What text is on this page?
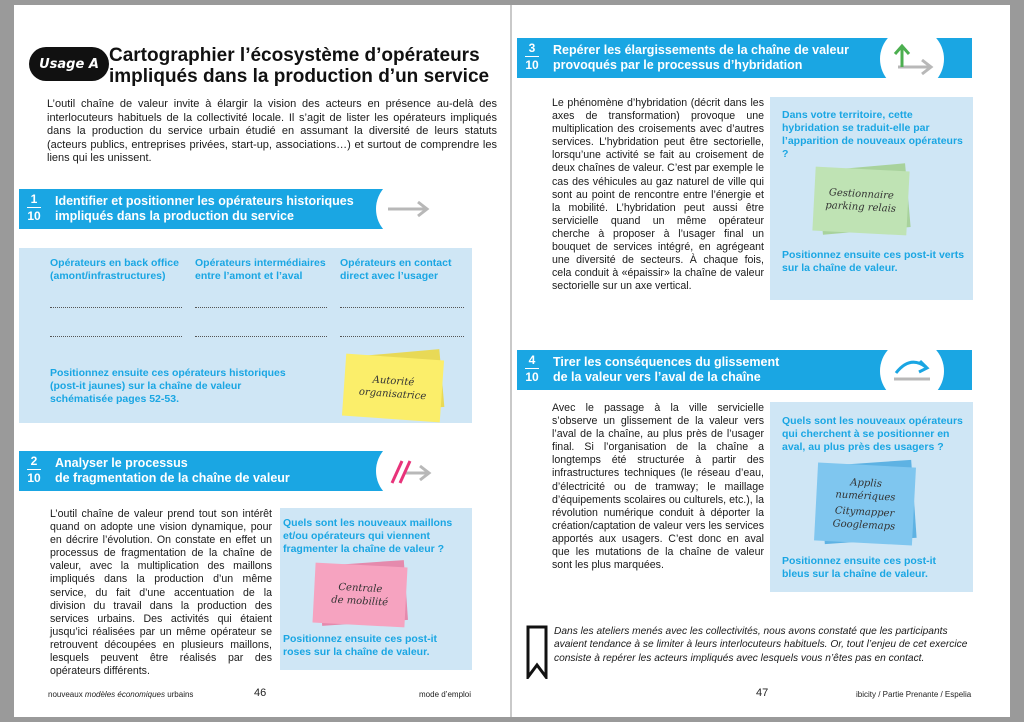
Usage A Cartographier l’écosystème d’opérateurs
impliqués dans la production d’un service
L’outil chaîne de valeur invite à élargir la vision des acteurs en présence au-delà des interlocuteurs habituels de la collectivité locale. Il s’agit de lister les opérateurs impliqués dans la production du service urbain étudié en assumant la diversité de leurs statuts (acteurs publics, entreprises privées, start-up, associations…) et surtout de comprendre les liens qui les unissent.
1
10
Identifier et positionner les opérateurs historiques
impliqués dans la production du service
Opérateurs en back office
(amont/infrastructures)
Opérateurs intermédiaires
entre l’amont et l’aval
Opérateurs en contact
direct avec l’usager
Positionnez ensuite ces opérateurs historiques
(post-it jaunes) sur la chaîne de valeur
schématisée pages 52-53.
Autorité
organisatrice
2
10
Analyser le processus
de fragmentation de la chaîne de valeur
L’outil chaîne de valeur prend tout son intérêt quand on adopte une vision dynamique, pour en décrire l’évolution. On constate en effet un processus de fragmentation de la chaîne de valeur, avec la multiplication des maillons impliqués dans la production d’un même service, du fait d’une accentuation de la division du travail dans la production des services urbains. Des activités qui étaient jusqu’ici réalisées par un même opérateur se retrouvent découpées en plusieurs maillons, lesquels peuvent être réalisés par des opérateurs différents.
Quels sont les nouveaux maillons et/ou opérateurs qui viennent fragmenter la chaîne de valeur ?
Centrale
de mobilité
Positionnez ensuite ces post-it
roses sur la chaîne de valeur.
nouveaux modèles économiques urbains	46	mode d’emploi
3
10
Repérer les élargissements de la chaîne de valeur
provoqués par le processus d’hybridation
Le phénomène d’hybridation (décrit dans les axes de transformation) provoque une multiplication des croisements avec d’autres services. L’hybridation peut être sectorielle, lorsqu’une activité se fait au croisement de deux chaînes de valeur. C’est par exemple le cas des véhicules au gaz naturel de ville qui sont au point de rencontre entre l’énergie et la mobilité. L’hybridation peut aussi être servicielle quand un même opérateur cherche à proposer à l’usager final un bouquet de services intégré, en agrégeant une diversité de secteurs. À chaque fois, cela conduit à «épaissir» la chaîne de valeur sectorielle sur un axe vertical.
Dans votre territoire, cette hybridation se traduit-elle par l’apparition de nouveaux opérateurs ?
Gestionnaire
parking relais
Positionnez ensuite ces post-it verts
sur la chaîne de valeur.
4
10
Tirer les conséquences du glissement
de la valeur vers l’aval de la chaîne
Avec le passage à la ville servicielle s’observe un glissement de la valeur vers l’aval de la chaîne, au plus près de l’usager final. Si l’organisation de la chaîne a longtemps été structurée à partir des infrastructures techniques (le réseau d’eau, d’électricité ou de tramway; le maillage d’équipements scolaires ou culturels, etc.), la révolution numérique conduit à déporter la création/captation de valeur vers les services apportés aux usagers. C’est donc en aval que les mutations de la chaîne de valeur sont les plus marquées.
Quels sont les nouveaux opérateurs qui cherchent à se positionner en aval, au plus près des usagers ?
Applis
numériques
Citymapper
Googlemaps
Positionnez ensuite ces post-it
bleus sur la chaîne de valeur.
Dans les ateliers menés avec les collectivités, nous avons constaté que les participants avaient tendance à se limiter à leurs interlocuteurs habituels. Or, tout l’enjeu de cet exercice consiste à repérer les acteurs impliqués avec lesquels vous n’êtes pas en contact.
47	ibicity / Partie Prenante / Espelia
